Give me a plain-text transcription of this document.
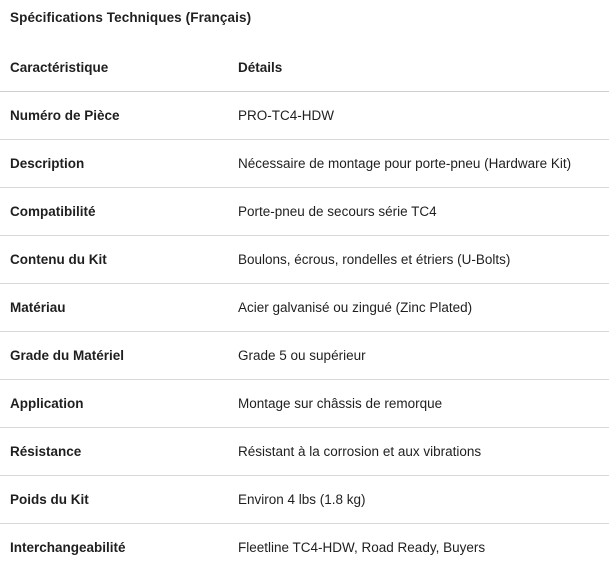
Spécifications Techniques (Français)
Caractéristique	Détails
Numéro de Pièce	PRO-TC4-HDW
Description	Nécessaire de montage pour porte-pneu (Hardware Kit)
Compatibilité	Porte-pneu de secours série TC4
Contenu du Kit	Boulons, écrous, rondelles et étriers (U-Bolts)
Matériau	Acier galvanisé ou zingué (Zinc Plated)
Grade du Matériel	Grade 5 ou supérieur
Application	Montage sur châssis de remorque
Résistance	Résistant à la corrosion et aux vibrations
Poids du Kit	Environ 4 lbs (1.8 kg)
Interchangeabilité	Fleetline TC4-HDW, Road Ready, Buyers
